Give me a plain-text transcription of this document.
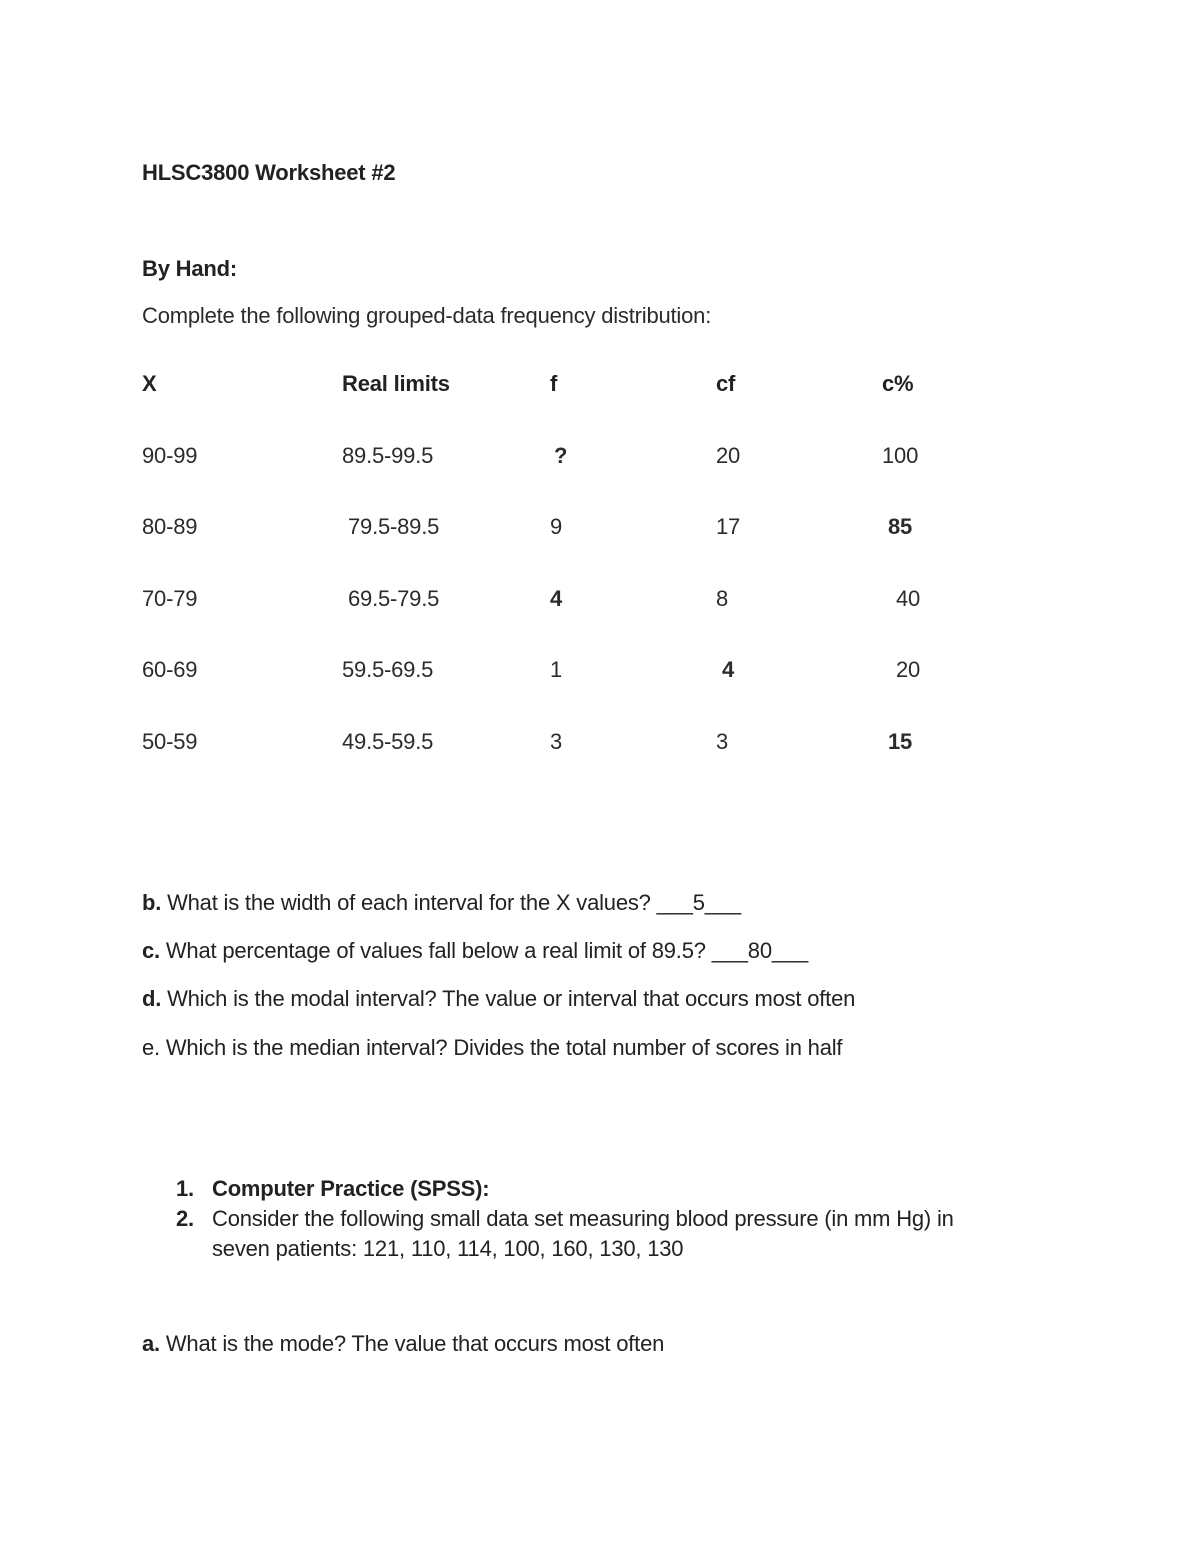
HLSC3800 Worksheet #2
By Hand:
Complete the following grouped-data frequency distribution:
X	Real limits	f	cf	c%
90-99	89.5-99.5	?	20	100
80-89	79.5-89.5	9	17	85
70-79	69.5-79.5	4	8	40
60-69	59.5-69.5	1	4	20
50-59	49.5-59.5	3	3	15
b. What is the width of each interval for the X values? ___5___
c. What percentage of values fall below a real limit of 89.5? ___80___
d. Which is the modal interval? The value or interval that occurs most often
e. Which is the median interval? Divides the total number of scores in half
1. Computer Practice (SPSS):
2. Consider the following small data set measuring blood pressure (in mm Hg) in
seven patients: 121, 110, 114, 100, 160, 130, 130
a. What is the mode? The value that occurs most often
